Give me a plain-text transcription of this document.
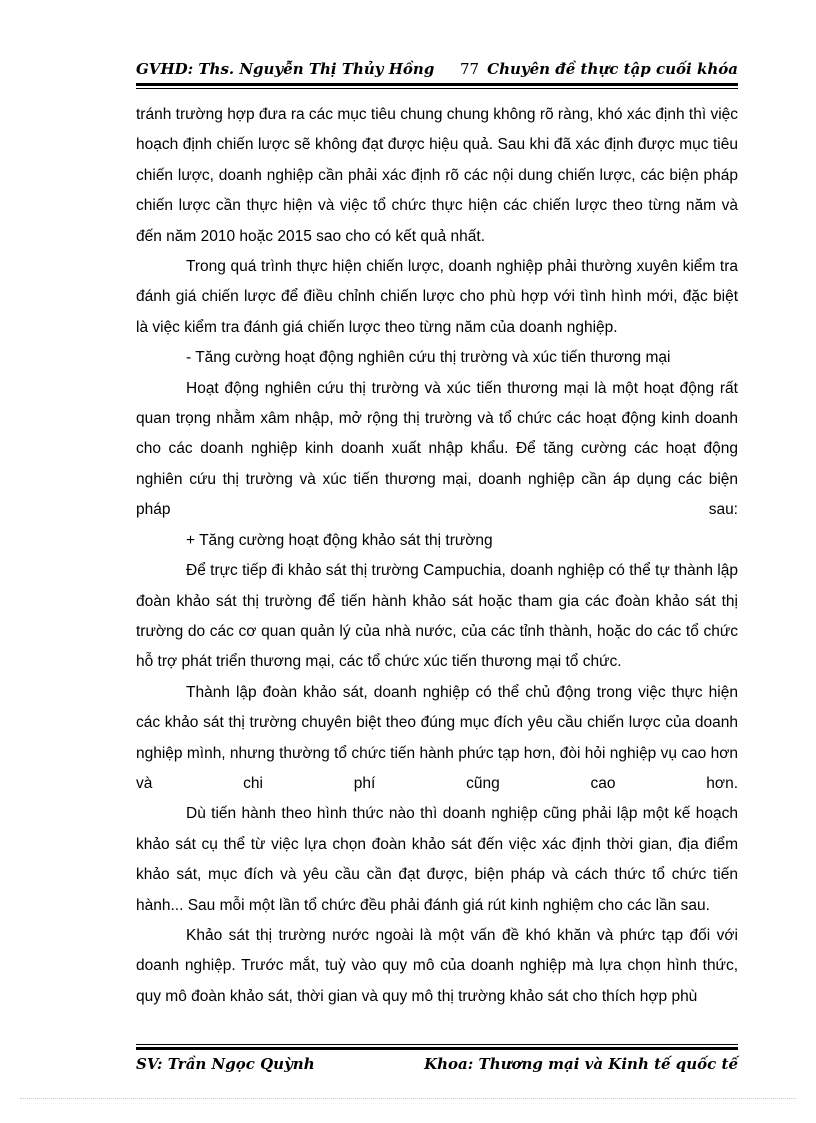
GVHD: Ths. Nguyễn Thị Thủy Hồng 77 Chuyên đề thực tập cuối khóa

tránh trường hợp đưa ra các mục tiêu chung chung không rõ ràng, khó xác định thì việc hoạch định chiến lược sẽ không đạt được hiệu quả. Sau khi đã xác định được mục tiêu chiến lược, doanh nghiệp cần phải xác định rõ các nội dung chiến lược, các biện pháp chiến lược cần thực hiện và việc tổ chức thực hiện các chiến lược theo từng năm và đến năm 2010 hoặc 2015 sao cho có kết quả nhất.

Trong quá trình thực hiện chiến lược, doanh nghiệp phải thường xuyên kiểm tra đánh giá chiến lược để điều chỉnh chiến lược cho phù hợp với tình hình mới, đặc biệt là việc kiểm tra đánh giá chiến lược theo từng năm của doanh nghiệp.

- Tăng cường hoạt động nghiên cứu thị trường và xúc tiến thương mại

Hoạt động nghiên cứu thị trường và xúc tiến thương mại là một hoạt động rất quan trọng nhằm xâm nhập, mở rộng thị trường và tổ chức các hoạt động kinh doanh cho các doanh nghiệp kinh doanh xuất nhập khẩu. Để tăng cường các hoạt động nghiên cứu thị trường và xúc tiến thương mại, doanh nghiệp cần áp dụng các biện pháp sau:

+ Tăng cường hoạt động khảo sát thị trường

Để trực tiếp đi khảo sát thị trường Campuchia, doanh nghiệp có thể tự thành lập đoàn khảo sát thị trường để tiến hành khảo sát hoặc tham gia các đoàn khảo sát thị trường do các cơ quan quản lý của nhà nước, của các tỉnh thành, hoặc do các tổ chức hỗ trợ phát triển thương mại, các tổ chức xúc tiến thương mại tổ chức.

Thành lập đoàn khảo sát, doanh nghiệp có thể chủ động trong việc thực hiện các khảo sát thị trường chuyên biệt theo đúng mục đích yêu cầu chiến lược của doanh nghiệp mình, nhưng thường tổ chức tiến hành phức tạp hơn, đòi hỏi nghiệp vụ cao hơn và chi phí cũng cao hơn.

Dù tiến hành theo hình thức nào thì doanh nghiệp cũng phải lập một kế hoạch khảo sát cụ thể từ việc lựa chọn đoàn khảo sát đến việc xác định thời gian, địa điểm khảo sát, mục đích và yêu cầu cần đạt được, biện pháp và cách thức tổ chức tiến hành... Sau mỗi một lần tổ chức đều phải đánh giá rút kinh nghiệm cho các lần sau.

Khảo sát thị trường nước ngoài là một vấn đề khó khăn và phức tạp đối với doanh nghiệp. Trước mắt, tuỳ vào quy mô của doanh nghiệp mà lựa chọn hình thức, quy mô đoàn khảo sát, thời gian và quy mô thị trường khảo sát cho thích hợp phù

SV: Trần Ngọc Quỳnh	Khoa: Thương mại và Kinh tế quốc tế
